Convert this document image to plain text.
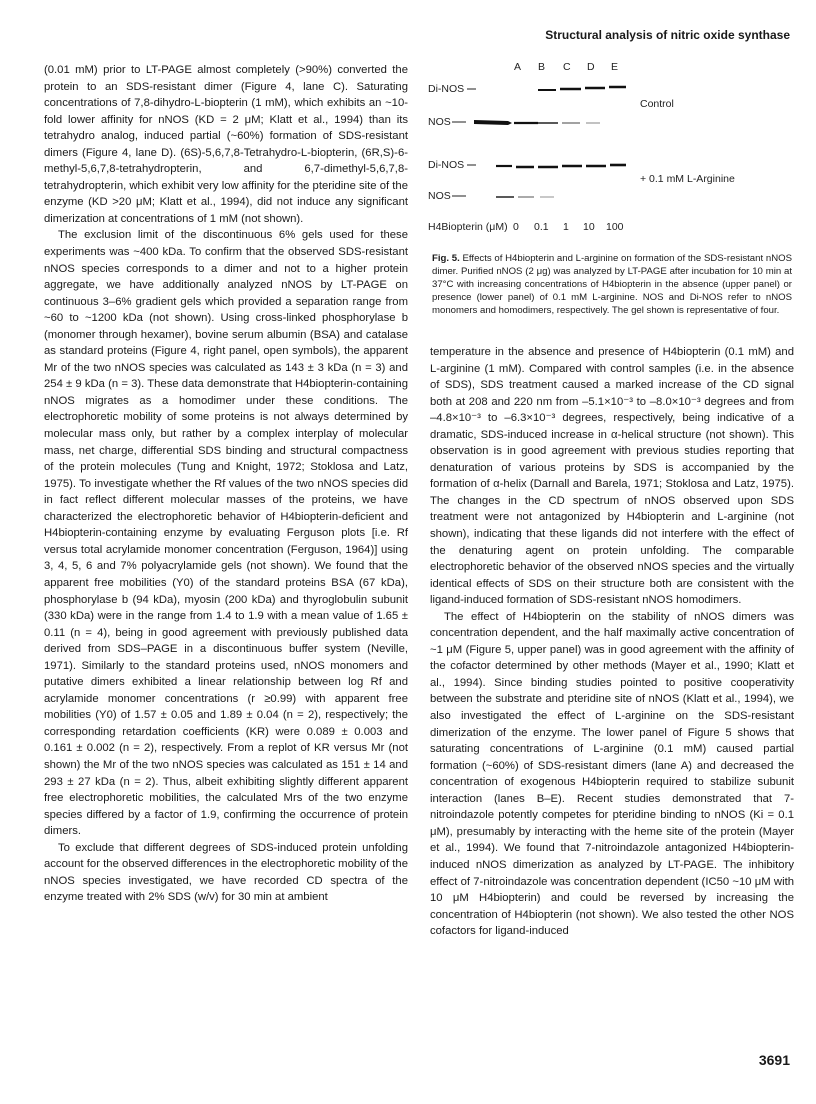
Structural analysis of nitric oxide synthase

(0.01 mM) prior to LT-PAGE almost completely (>90%) converted the protein to an SDS-resistant dimer (Figure 4, lane C). Saturating concentrations of 7,8-dihydro-L-biopterin (1 mM), which exhibits an ~10-fold lower affinity for nNOS (KD = 2 μM; Klatt et al., 1994) than its tetrahydro analog, induced partial (~60%) formation of SDS-resistant dimers (Figure 4, lane D). (6S)-5,6,7,8-Tetrahydro-L-biopterin, (6R,S)-6-methyl-5,6,7,8-tetrahydropterin, and 6,7-dimethyl-5,6,7,8-tetrahydropterin, which exhibit very low affinity for the pteridine site of the enzyme (KD >20 μM; Klatt et al., 1994), did not induce any significant dimerization at concentrations of 1 mM (not shown).

The exclusion limit of the discontinuous 6% gels used for these experiments was ~400 kDa. To confirm that the observed SDS-resistant nNOS species corresponds to a dimer and not to a higher protein aggregate, we have additionally analyzed nNOS by LT-PAGE on continuous 3–6% gradient gels which provided a separation range from ~60 to ~1200 kDa (not shown). Using cross-linked phosphorylase b (monomer through hexamer), bovine serum albumin (BSA) and catalase as standard proteins (Figure 4, right panel, open symbols), the apparent Mr of the two nNOS species was calculated as 143 ± 3 kDa (n = 3) and 254 ± 9 kDa (n = 3). These data demonstrate that H4biopterin-containing nNOS migrates as a homodimer under these conditions. The electrophoretic mobility of some proteins is not always determined by molecular mass only, but rather by a complex interplay of molecular mass, net charge, differential SDS binding and structural compactness of the protein molecules (Tung and Knight, 1972; Stoklosa and Latz, 1975). To investigate whether the Rf values of the two nNOS species did in fact reflect different molecular masses of the proteins, we have characterized the electrophoretic behavior of H4biopterin-deficient and H4biopterin-containing enzyme by evaluating Ferguson plots [i.e. Rf versus total acrylamide monomer concentration (Ferguson, 1964)] using 3, 4, 5, 6 and 7% polyacrylamide gels (not shown). We found that the apparent free mobilities (Y0) of the standard proteins BSA (67 kDa), phosphorylase b (94 kDa), myosin (200 kDa) and thyroglobulin subunit (330 kDa) were in the range from 1.4 to 1.9 with a mean value of 1.65 ± 0.11 (n = 4), being in good agreement with previously published data derived from SDS–PAGE in a discontinuous buffer system (Neville, 1971). Similarly to the standard proteins used, nNOS monomers and putative dimers exhibited a linear relationship between log Rf and acrylamide monomer concentrations (r ≥0.99) with apparent free mobilities (Y0) of 1.57 ± 0.05 and 1.89 ± 0.04 (n = 2), respectively; the corresponding retardation coefficients (KR) were 0.089 ± 0.003 and 0.161 ± 0.002 (n = 2), respectively. From a replot of KR versus Mr (not shown) the Mr of the two nNOS species was calculated as 151 ± 14 and 293 ± 27 kDa (n = 2). Thus, albeit exhibiting slightly different apparent free electrophoretic mobilities, the calculated Mrs of the two enzyme species differed by a factor of 1.9, confirming the occurrence of protein dimers.

To exclude that different degrees of SDS-induced protein unfolding account for the observed differences in the electrophoretic mobility of the nNOS species investigated, we have recorded CD spectra of the enzyme treated with 2% SDS (w/v) for 30 min at ambient

A B C D E
Di-NOS
Control
NOS
Di-NOS
+ 0.1 mM L-Arginine
NOS
H4Biopterin (μM) 0 0.1 1 10 100
Fig. 5. Effects of H4biopterin and L-arginine on formation of the SDS-resistant nNOS dimer. Purified nNOS (2 μg) was analyzed by LT-PAGE after incubation for 10 min at 37°C with increasing concentrations of H4biopterin in the absence (upper panel) or presence (lower panel) of 0.1 mM L-arginine. NOS and Di-NOS refer to nNOS monomers and homodimers, respectively. The gel shown is representative of four.

temperature in the absence and presence of H4biopterin (0.1 mM) and L-arginine (1 mM). Compared with control samples (i.e. in the absence of SDS), SDS treatment caused a marked increase of the CD signal both at 208 and 220 nm from –5.1×10⁻³ to –8.0×10⁻³ degrees and from –4.8×10⁻³ to –6.3×10⁻³ degrees, respectively, being indicative of a dramatic, SDS-induced increase in α-helical structure (not shown). This observation is in good agreement with previous studies reporting that denaturation of various proteins by SDS is accompanied by the formation of α-helix (Darnall and Barela, 1971; Stoklosa and Latz, 1975). The changes in the CD spectrum of nNOS observed upon SDS treatment were not antagonized by H4biopterin and L-arginine (not shown), indicating that these ligands did not interfere with the effect of the denaturing agent on protein unfolding. The comparable electrophoretic behavior of the observed nNOS species and the virtually identical effects of SDS on their structure both are consistent with the ligand-induced formation of SDS-resistant nNOS homodimers.

The effect of H4biopterin on the stability of nNOS dimers was concentration dependent, and the half maximally active concentration of ~1 μM (Figure 5, upper panel) was in good agreement with the affinity of the cofactor determined by other methods (Mayer et al., 1990; Klatt et al., 1994). Since binding studies pointed to positive cooperativity between the substrate and pteridine site of nNOS (Klatt et al., 1994), we also investigated the effect of L-arginine on the SDS-resistant dimerization of the enzyme. The lower panel of Figure 5 shows that saturating concentrations of L-arginine (0.1 mM) caused partial formation (~60%) of SDS-resistant dimers (lane A) and decreased the concentration of exogenous H4biopterin required to stabilize subunit interaction (lanes B–E). Recent studies demonstrated that 7-nitroindazole potently competes for pteridine binding to nNOS (Ki = 0.1 μM), presumably by interacting with the heme site of the protein (Mayer et al., 1994). We found that 7-nitroindazole antagonized H4biopterin-induced nNOS dimerization as analyzed by LT-PAGE. The inhibitory effect of 7-nitroindazole was concentration dependent (IC50 ~10 μM with 10 μM H4biopterin) and could be reversed by increasing the concentration of H4biopterin (not shown). We also tested the other NOS cofactors for ligand-induced

3691
